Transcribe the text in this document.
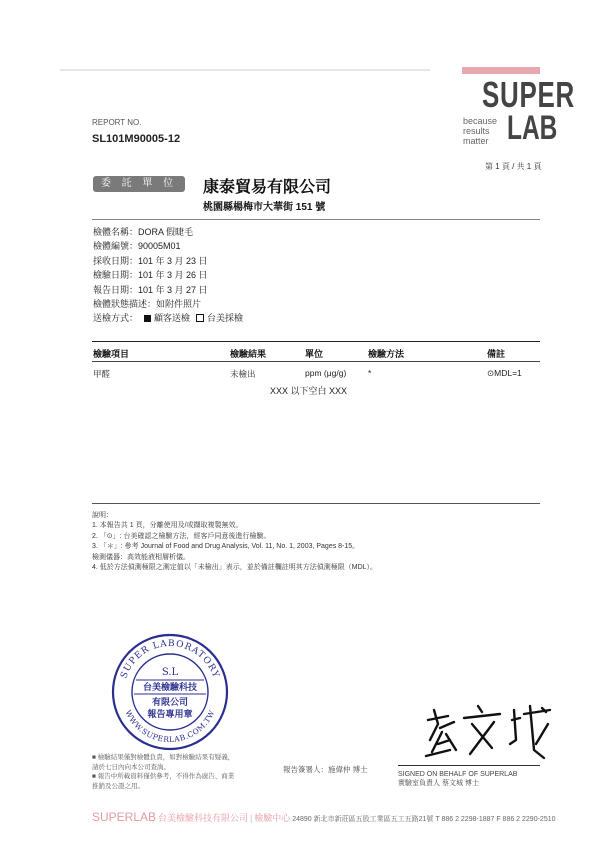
SUPER
because
results
matter LAB
REPORT NO.
SL101M90005-12
第 1 頁 / 共 1 頁
委 託 單 位	康泰貿易有限公司
桃園縣楊梅市大華街 151 號
檢體名稱：DORA 假睫毛
檢體編號：90005M01
採收日期：101 年 3 月 23 日
檢驗日期：101 年 3 月 26 日
報告日期：101 年 3 月 27 日
檢體狀態描述：如附件照片
送檢方式： 顧客送檢 台美採檢
檢驗項目	檢驗結果	單位	檢驗方法	備註
甲醛	未檢出	ppm (μg/g)	*	⊙MDL=1
XXX 以下空白 XXX
說明：
1. 本報告共 1 頁，分離使用及/或擷取複製無效。
2. 「⊙」: 台美確認之檢驗方法，經客戶同意後進行檢驗。
3. 「＊」: 參考 Journal of Food and Drug Analysis, Vol. 11, No. 1, 2003, Pages 8-15。
檢測儀器：高效能液相層析儀。
4. 低於方法偵測極限之測定值以「未檢出」表示，並於備註欄註明其方法偵測極限（MDL）。
SUPER LABORATORY
WWW.SUPERLAB.COM.TW
S.L
台美檢驗科技
有限公司
報告專用章
■ 檢驗結果僅對檢體負責，如對檢驗結果有疑義，
請於七日內向本公司查詢。
■ 報告中所載資料僅供參考，不得作為廣告、商業
推銷及公證之用。
報告簽署人：施偉仲 博士
SIGNED ON BEHALF OF SUPERLAB
實驗室負責人 蔡文城 博士
SUPERLAB 台美檢驗科技有限公司 | 檢驗中心 24890 新北市新莊區五股工業區五工五路21號 T 886 2 2298-1887 F 886 2 2290-2510
